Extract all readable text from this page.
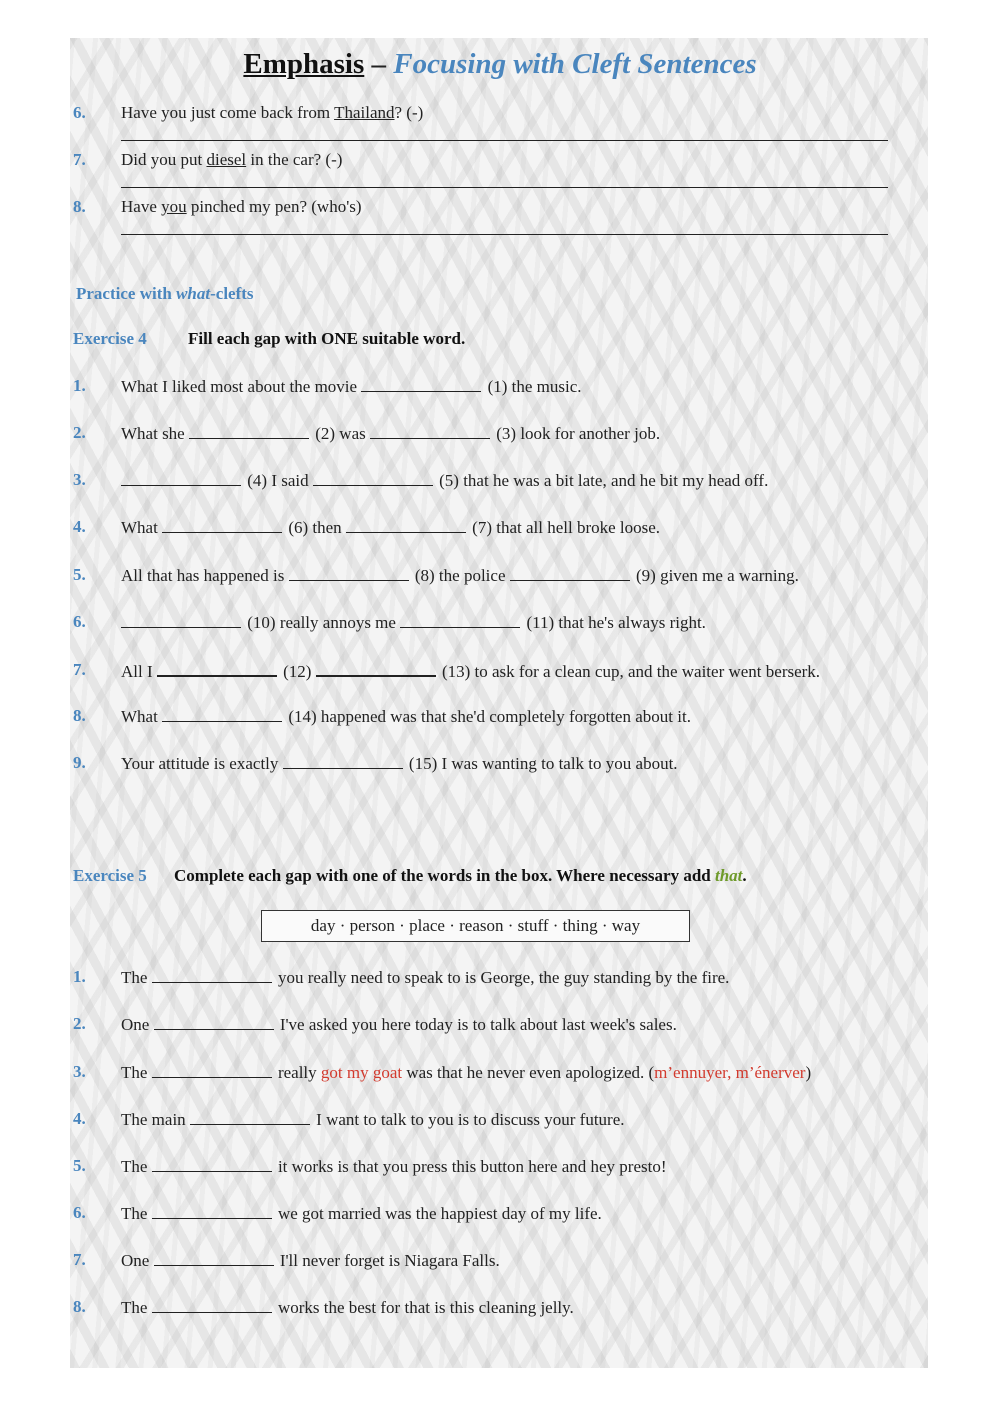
Emphasis – Focusing with Cleft Sentences
6.	Have you just come back from Thailand? (-)
7.	Did you put diesel in the car? (-)
8.	Have you pinched my pen? (who's)
Practice with what-clefts
Exercise 4 Fill each gap with ONE suitable word.
1.	What I liked most about the movie	(1) the music.
2.	What she	(2) was	(3) look for another job.
3.	(4) I said	(5) that he was a bit late, and he bit my head off.
4.	What	(6) then	(7) that all hell broke loose.
5.	All that has happened is	(8) the police	(9) given me a warning.
6.	(10) really annoys me	(11) that he's always right.
7.	All I	(12)	(13) to ask for a clean cup, and the waiter went berserk.
8.	What	(14) happened was that she'd completely forgotten about it.
9.	Your attitude is exactly	(15) I was wanting to talk to you about.
Exercise 5 Complete each gap with one of the words in the box. Where necessary add that.
day · person · place · reason · stuff · thing · way
1.	The	you really need to speak to is George, the guy standing by the fire.
2.	One	I've asked you here today is to talk about last week's sales.
3.	The	really got my goat was that he never even apologized. (m’ennuyer, m’énerver)
4.	The main	I want to talk to you is to discuss your future.
5.	The	it works is that you press this button here and hey presto!
6.	The	we got married was the happiest day of my life.
7.	One	I'll never forget is Niagara Falls.
8.	The	works the best for that is this cleaning jelly.
